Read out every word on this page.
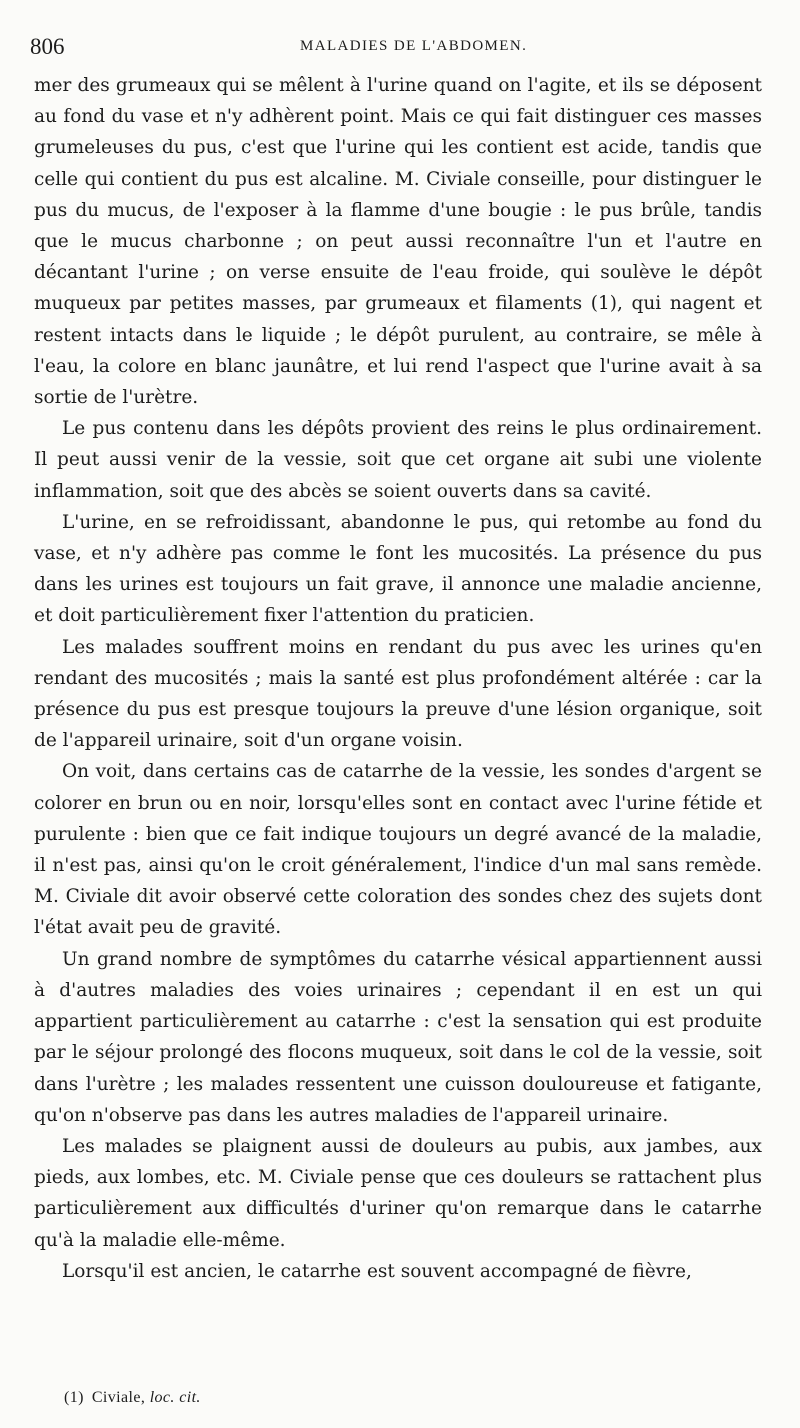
806	MALADIES DE L'ABDOMEN.

mer des grumeaux qui se mêlent à l'urine quand on l'agite, et ils se déposent au fond du vase et n'y adhèrent point. Mais ce qui fait distinguer ces masses grumeleuses du pus, c'est que l'urine qui les contient est acide, tandis que celle qui contient du pus est alcaline. M. Civiale conseille, pour distinguer le pus du mucus, de l'exposer à la flamme d'une bougie : le pus brûle, tandis que le mucus charbonne ; on peut aussi reconnaître l'un et l'autre en décantant l'urine ; on verse ensuite de l'eau froide, qui soulève le dépôt muqueux par petites masses, par grumeaux et filaments (1), qui nagent et restent intacts dans le liquide ; le dépôt purulent, au contraire, se mêle à l'eau, la colore en blanc jaunâtre, et lui rend l'aspect que l'urine avait à sa sortie de l'urètre.

Le pus contenu dans les dépôts provient des reins le plus ordinairement. Il peut aussi venir de la vessie, soit que cet organe ait subi une violente inflammation, soit que des abcès se soient ouverts dans sa cavité.

L'urine, en se refroidissant, abandonne le pus, qui retombe au fond du vase, et n'y adhère pas comme le font les mucosités. La présence du pus dans les urines est toujours un fait grave, il annonce une maladie ancienne, et doit particulièrement fixer l'attention du praticien.

Les malades souffrent moins en rendant du pus avec les urines qu'en rendant des mucosités ; mais la santé est plus profondément altérée : car la présence du pus est presque toujours la preuve d'une lésion organique, soit de l'appareil urinaire, soit d'un organe voisin.

On voit, dans certains cas de catarrhe de la vessie, les sondes d'argent se colorer en brun ou en noir, lorsqu'elles sont en contact avec l'urine fétide et purulente : bien que ce fait indique toujours un degré avancé de la maladie, il n'est pas, ainsi qu'on le croit généralement, l'indice d'un mal sans remède. M. Civiale dit avoir observé cette coloration des sondes chez des sujets dont l'état avait peu de gravité.

Un grand nombre de symptômes du catarrhe vésical appartiennent aussi à d'autres maladies des voies urinaires ; cependant il en est un qui appartient particulièrement au catarrhe : c'est la sensation qui est produite par le séjour prolongé des flocons muqueux, soit dans le col de la vessie, soit dans l'urètre ; les malades ressentent une cuisson douloureuse et fatigante, qu'on n'observe pas dans les autres maladies de l'appareil urinaire.

Les malades se plaignent aussi de douleurs au pubis, aux jambes, aux pieds, aux lombes, etc. M. Civiale pense que ces douleurs se rattachent plus particulièrement aux difficultés d'uriner qu'on remarque dans le catarrhe qu'à la maladie elle-même.

Lorsqu'il est ancien, le catarrhe est souvent accompagné de fièvre,

(1) Civiale, loc. cit.
